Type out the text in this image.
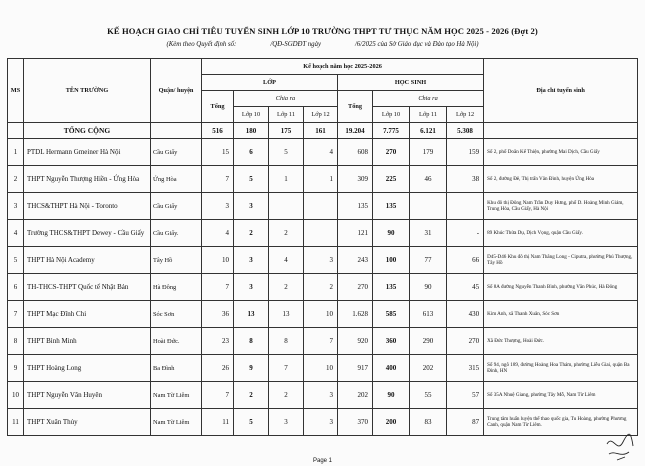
KẾ HOẠCH GIAO CHỈ TIÊU TUYỂN SINH LỚP 10 TRƯỜNG THPT TƯ THỤC NĂM HỌC 2025 - 2026 (Đợt 2)
(Kèm theo Quyết định số:	/QĐ-SGDĐT ngày	/6/2025 của Sở Giáo dục và Đào tạo Hà Nội)
MS	TÊN TRƯỜNG	Quận/ huyện	Kế hoạch năm học 2025-2026								Địa chỉ tuyển sinh
			LỚP				HỌC SINH				
			Tổng	Chia ra			Tổng	Chia ra			
				Lớp 10	Lớp 11	Lớp 12		Lớp 10	Lớp 11	Lớp 12	
	TỔNG CỘNG		516	180	175	161	19.204	7.775	6.121	5.308	
1	PTDL Hermann Gmeiner Hà Nội	Cầu Giấy	15	6	5	4	608	270	179	159	Số 2, phố Doãn Kế Thiện, phường Mai Dịch, Cầu Giấy
2	THPT Nguyễn Thượng Hiền - Ứng Hòa	Ứng Hòa	7	5	1	1	309	225	46	38	Số 2, đường Đê, Thị trấn Vân Đình, huyện Ứng Hòa
3	THCS&THPT Hà Nội - Toronto	Cầu Giấy	3	3			135	135			Khu đô thị Đông Nam Trần Duy Hưng, phố D. Hoàng Minh Giám, Trung Hòa, Cầu Giấy, Hà Nội
4	Trường THCS&THPT Dewey - Cầu Giấy	Cầu Giấy.	4	2	2		121	90	31	-	89 Khúc Thừa Dụ, Dịch Vọng, quận Cầu Giấy.
5	THPT Hà Nội Academy	Tây Hồ	10	3	4	3	243	100	77	66	D45-D46 Khu đô thị Nam Thăng Long - Ciputra, phường Phú Thượng, Tây Hồ
6	TH-THCS-THPT Quốc tế Nhật Bản	Hà Đông	7	3	2	2	270	135	90	45	Số 8A đường Nguyễn Thanh Bình, phường Văn Phúc, Hà Đông
7	THPT Mạc Đĩnh Chi	Sóc Sơn	36	13	13	10	1.628	585	613	430	Kim Anh, xã Thanh Xuân, Sóc Sơn
8	THPT Bình Minh	Hoài Đức.	23	8	8	7	920	360	290	270	Xã Đức Thượng, Hoài Đức.
9	THPT Hoàng Long	Ba Đình	26	9	7	10	917	400	202	315	Số 94, ngõ 189, đường Hoàng Hoa Thám, phường Liễu Giai, quận Ba Đình, HN
10	THPT Nguyễn Văn Huyên	Nam Từ Liêm	7	2	2	3	202	90	55	57	Số 35A Nhuệ Giang, phường Tây Mỗ, Nam Từ Liêm
11	THPT Xuân Thủy	Nam Từ Liêm	11	5	3	3	370	200	83	87	Trung tâm huấn luyện thể thao quốc gia, Tu Hoàng, phường Phương Canh, quận Nam Từ Liêm.
Page 1
